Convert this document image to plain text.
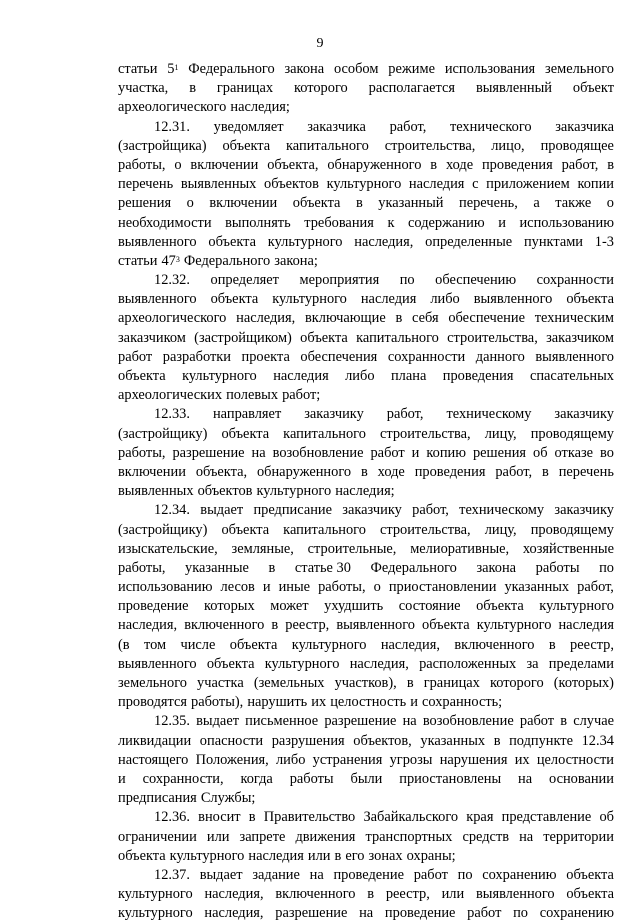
9
статьи $5^1$ Федерального закона особом режиме использования земельного
участка, в границах которого располагается выявленный объект
археологического наследия;
12.31. уведомляет заказчика работ, технического заказчика
(застройщика) объекта капитального строительства, лицо, проводящее
работы, о включении объекта, обнаруженного в ходе проведения работ, в
перечень выявленных объектов культурного наследия с приложением копии
решения о включении объекта в указанный перечень, а также о
необходимости выполнять требования к содержанию и использованию
выявленного объекта культурного наследия, определенные пунктами 1-3
статьи $47^3$ Федерального закона;
12.32. определяет мероприятия по обеспечению сохранности
выявленного объекта культурного наследия либо выявленного объекта
археологического наследия, включающие в себя обеспечение техническим
заказчиком (застройщиком) объекта капитального строительства, заказчиком
работ разработки проекта обеспечения сохранности данного выявленного
объекта культурного наследия либо плана проведения спасательных
археологических полевых работ;
12.33. направляет заказчику работ, техническому заказчику
(застройщику) объекта капитального строительства, лицу, проводящему
работы, разрешение на возобновление работ и копию решения об отказе во
включении объекта, обнаруженного в ходе проведения работ, в перечень
выявленных объектов культурного наследия;
12.34. выдает предписание заказчику работ, техническому заказчику
(застройщику) объекта капитального строительства, лицу, проводящему
изыскательские, земляные, строительные, мелиоративные, хозяйственные
работы, указанные в статье 30 Федерального закона работы по
использованию лесов и иные работы, о приостановлении указанных работ,
проведение которых может ухудшить состояние объекта культурного
наследия, включенного в реестр, выявленного объекта культурного наследия
(в том числе объекта культурного наследия, включенного в реестр,
выявленного объекта культурного наследия, расположенных за пределами
земельного участка (земельных участков), в границах которого (которых)
проводятся работы), нарушить их целостность и сохранность;
12.35. выдает письменное разрешение на возобновление работ в случае
ликвидации опасности разрушения объектов, указанных в подпункте 12.34
настоящего Положения, либо устранения угрозы нарушения их целостности
и сохранности, когда работы были приостановлены на основании
предписания Службы;
12.36. вносит в Правительство Забайкальского края представление об
ограничении или запрете движения транспортных средств на территории
объекта культурного наследия или в его зонах охраны;
12.37. выдает задание на проведение работ по сохранению объекта
культурного наследия, включенного в реестр, или выявленного объекта
культурного наследия, разрешение на проведение работ по сохранению
